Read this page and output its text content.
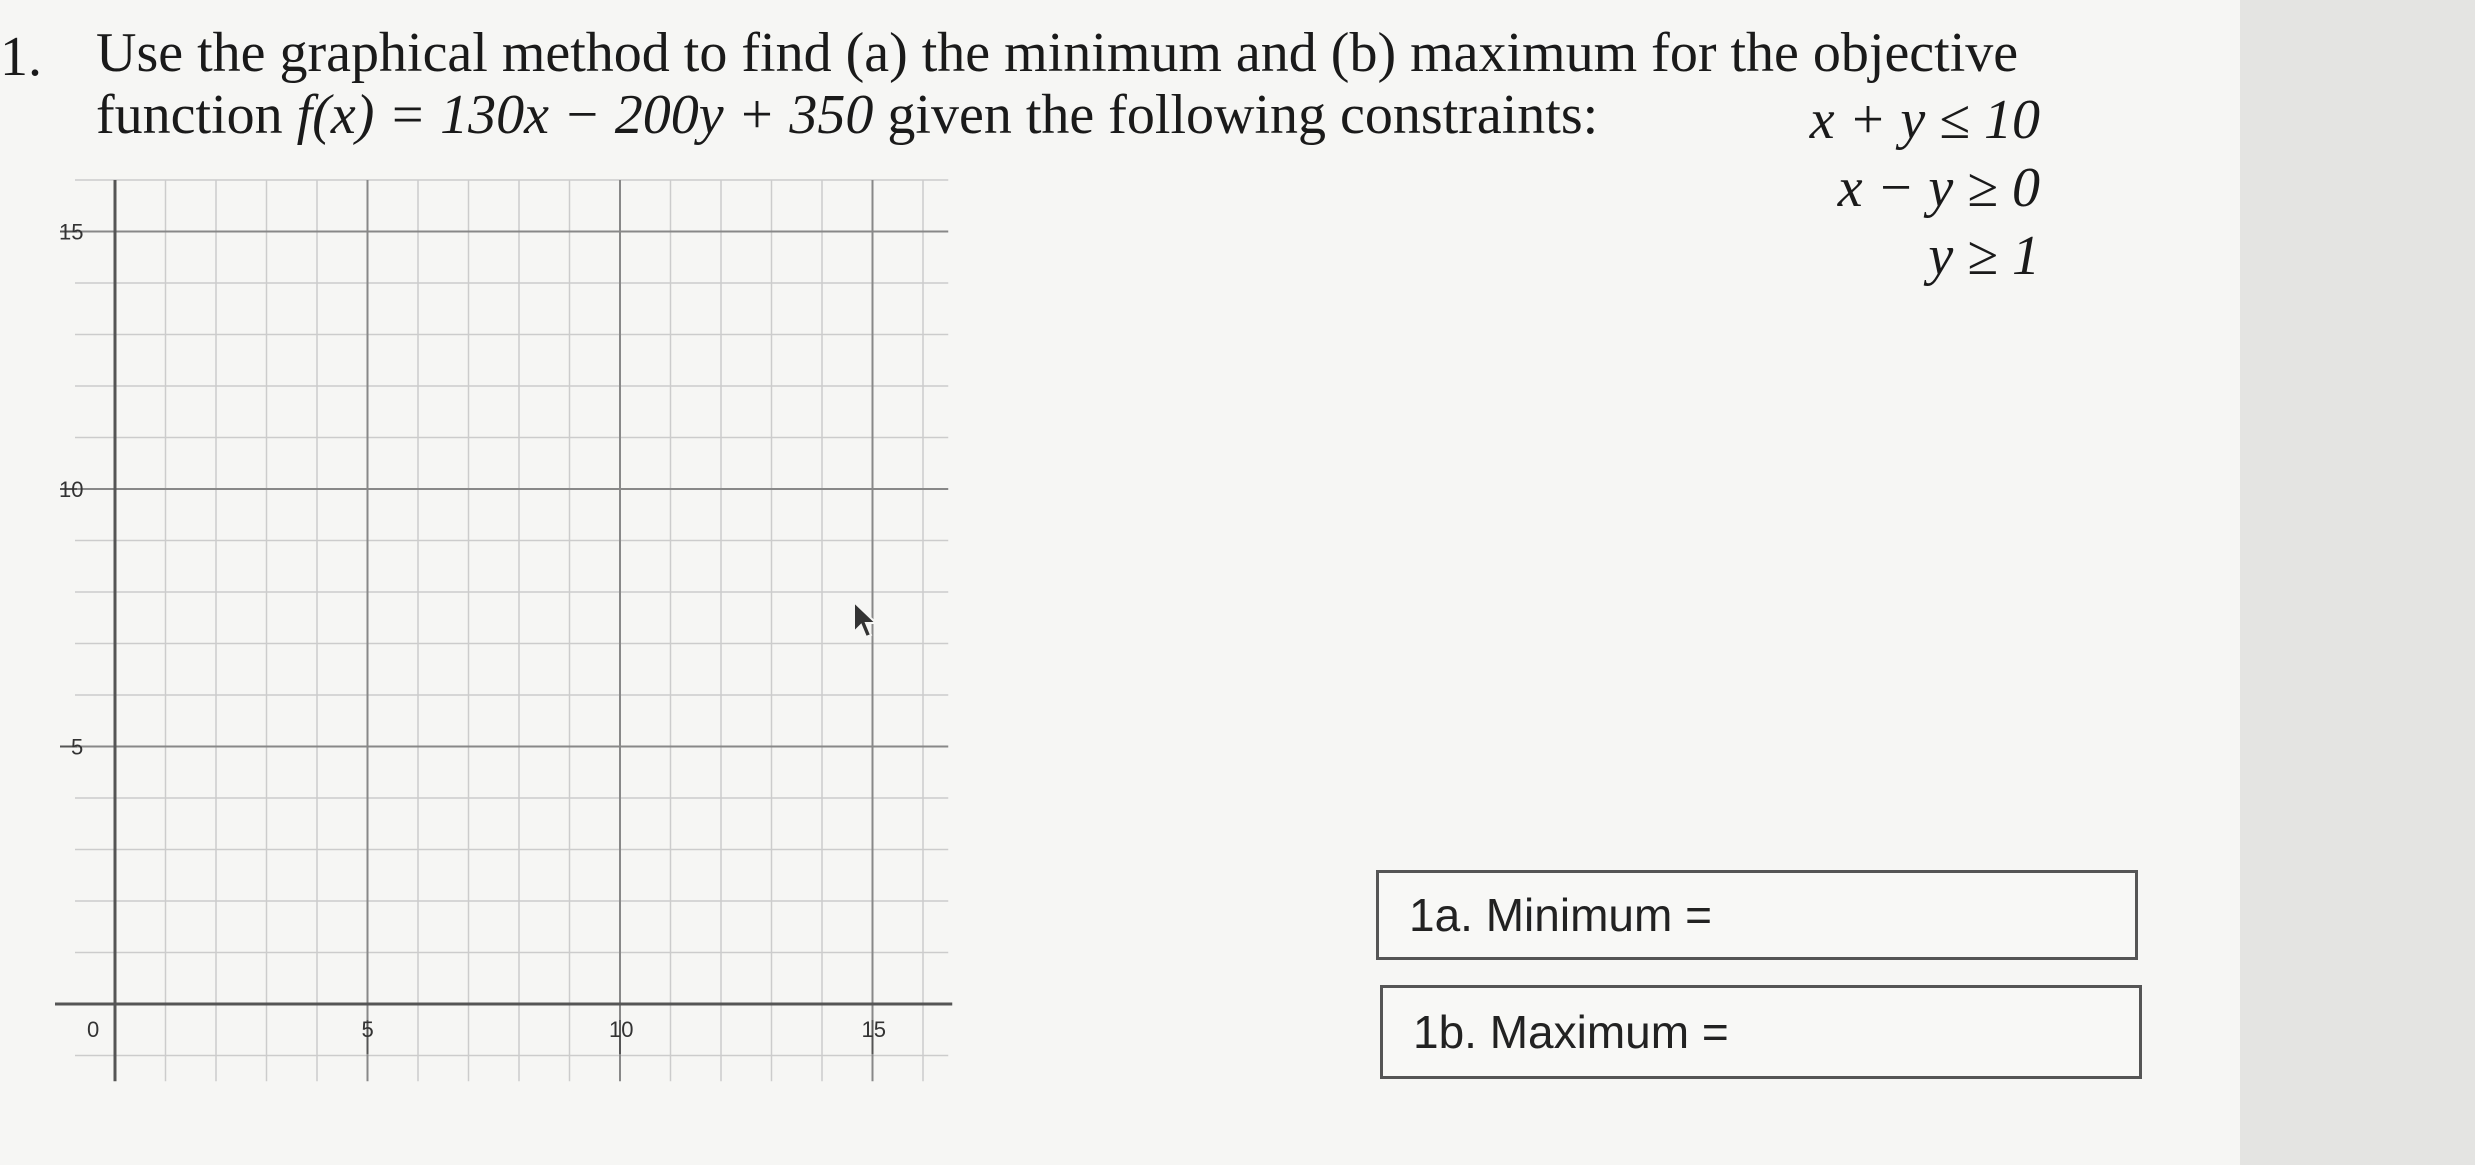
1. Use the graphical method to find (a) the minimum and (b) maximum for the objective
function f(x) = 130x − 200y + 350 given the following constraints:	x + y ≤ 10
x − y ≥ 0
y ≥ 1
0	5	10	15
5
10
15
1a. Minimum =
1b. Maximum =
